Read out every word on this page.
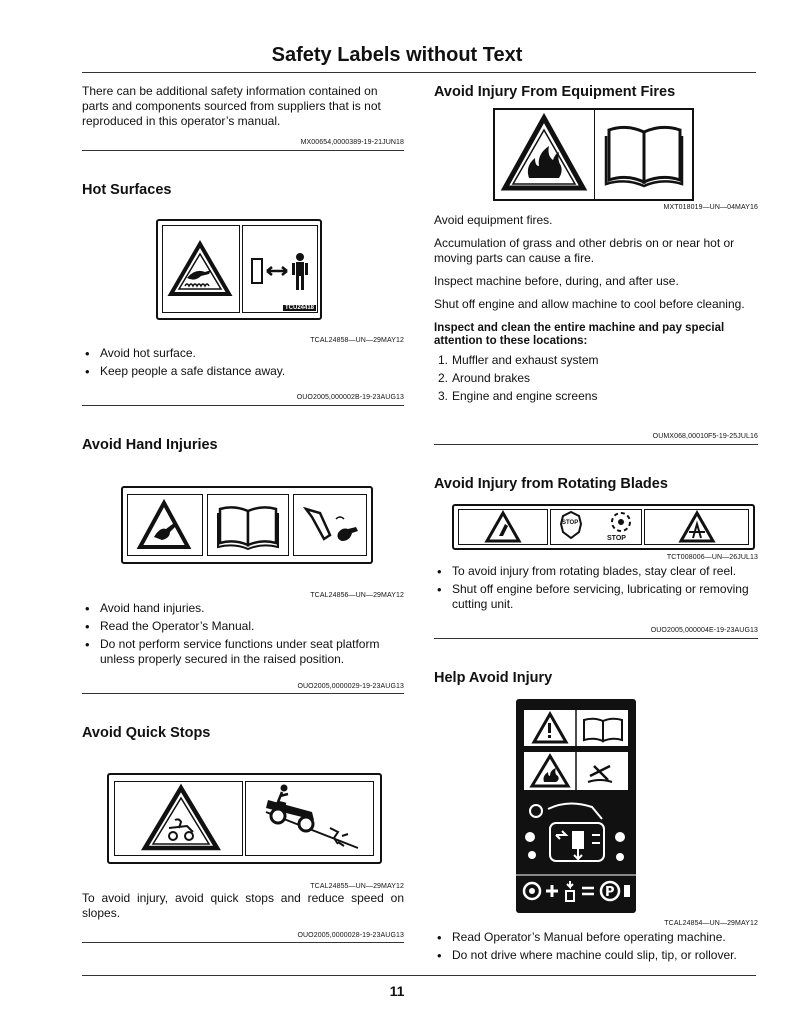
Safety Labels without Text

There can be additional safety information contained on parts and components sourced from suppliers that is not reproduced in this operator’s manual.

MX00654,0000389-19-21JUN18
Hot Surfaces
TCU24418
TCAL24858—UN—29MAY12
• Avoid hot surface.
• Keep people a safe distance away.
OUO2005,000002B-19-23AUG13
Avoid Hand Injuries
TCAL24856—UN—29MAY12
• Avoid hand injuries.
• Read the Operator’s Manual.
• Do not perform service functions under seat platform unless properly secured in the raised position.
OUO2005,0000029-19-23AUG13
Avoid Quick Stops
TCAL24855—UN—29MAY12

To avoid injury, avoid quick stops and reduce speed on slopes.

OUO2005,0000028-19-23AUG13
Avoid Injury From Equipment Fires
MXT018019—UN—04MAY16

Avoid equipment fires.

Accumulation of grass and other debris on or near hot or moving parts can cause a fire.

Inspect machine before, during, and after use.

Shut off engine and allow machine to cool before cleaning.

Inspect and clean the entire machine and pay special attention to these locations:

1. Muffler and exhaust system
2. Around brakes
3. Engine and engine screens
OUMX068,00010F5-19-25JUL16
Avoid Injury from Rotating Blades
STOP
STOP
TCT008006—UN—26JUL13
• To avoid injury from rotating blades, stay clear of reel.
• Shut off engine before servicing, lubricating or removing cutting unit.
OUO2005,000004E-19-23AUG13
Help Avoid Injury
P
TCAL24854—UN—29MAY12
• Read Operator’s Manual before operating machine.
• Do not drive where machine could slip, tip, or rollover.
11
